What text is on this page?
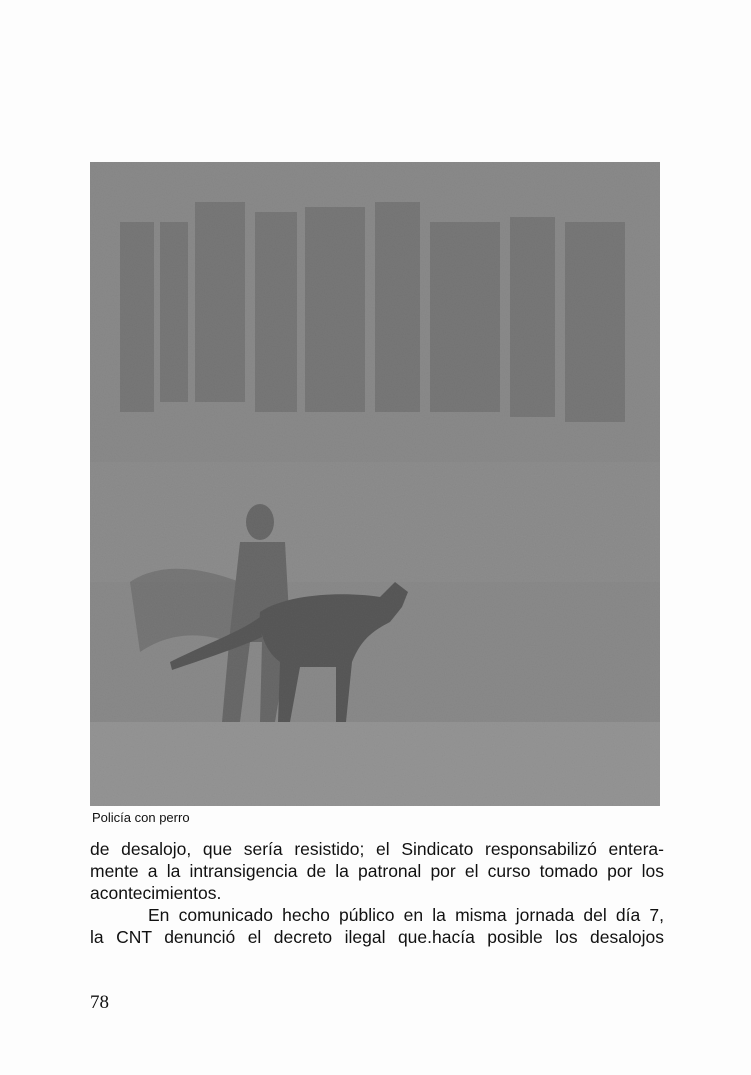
Policía con perro

de desalojo, que sería resistido; el Sindicato responsabilizó entera-
mente a la intransigencia de la patronal por el curso tomado por los
acontecimientos.

En comunicado hecho público en la misma jornada del día 7,
la CNT denunció el decreto ilegal que.hacía posible los desalojos

78
